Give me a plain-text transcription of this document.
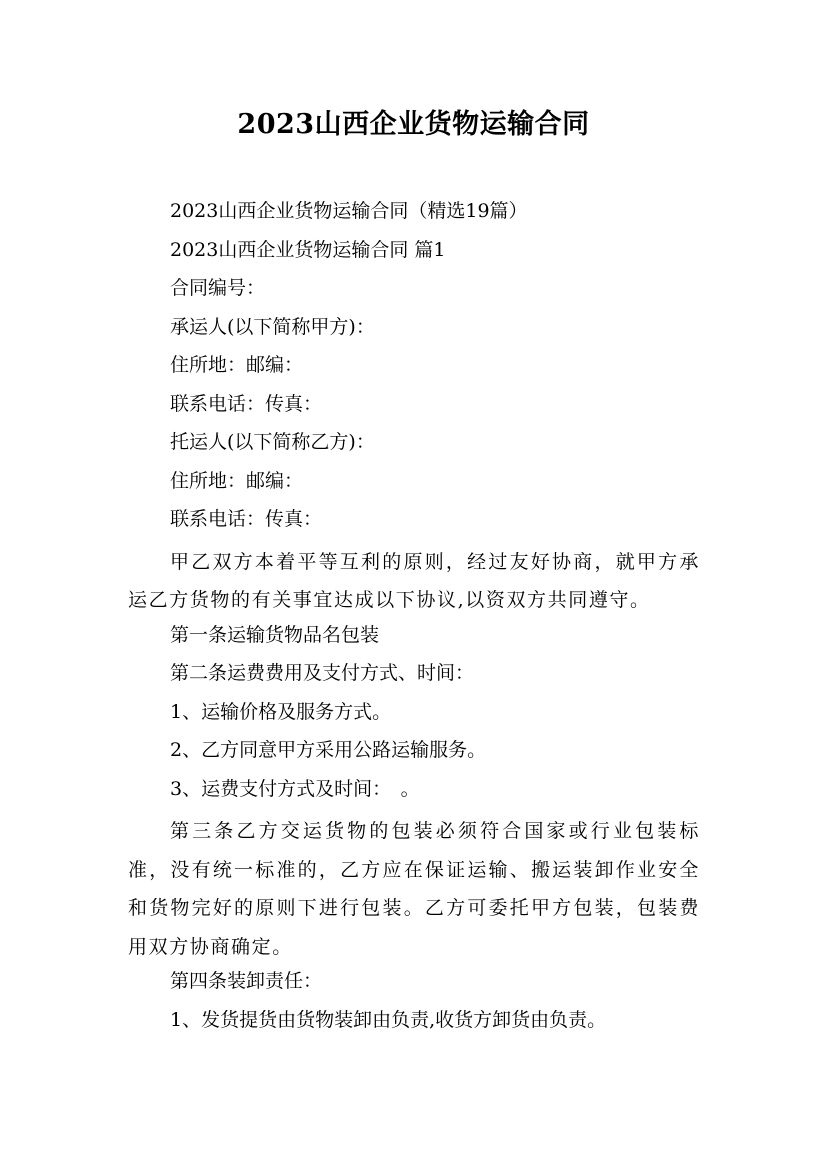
2023山西企业货物运输合同
2023山西企业货物运输合同（精选19篇）
2023山西企业货物运输合同 篇1
合同编号：
承运人(以下简称甲方)：
住所地：邮编：
联系电话：传真：
托运人(以下简称乙方)：
住所地：邮编：
联系电话：传真：
甲乙双方本着平等互利的原则，经过友好协商，就甲方承运乙方货物的有关事宜达成以下协议,以资双方共同遵守。
第一条运输货物品名包装
第二条运费费用及支付方式、时间：
1、运输价格及服务方式。
2、乙方同意甲方采用公路运输服务。
3、运费支付方式及时间：　。
第三条乙方交运货物的包装必须符合国家或行业包装标准，没有统一标准的，乙方应在保证运输、搬运装卸作业安全和货物完好的原则下进行包装。乙方可委托甲方包装，包装费用双方协商确定。
第四条装卸责任：
1、发货提货由货物装卸由负责,收货方卸货由负责。
